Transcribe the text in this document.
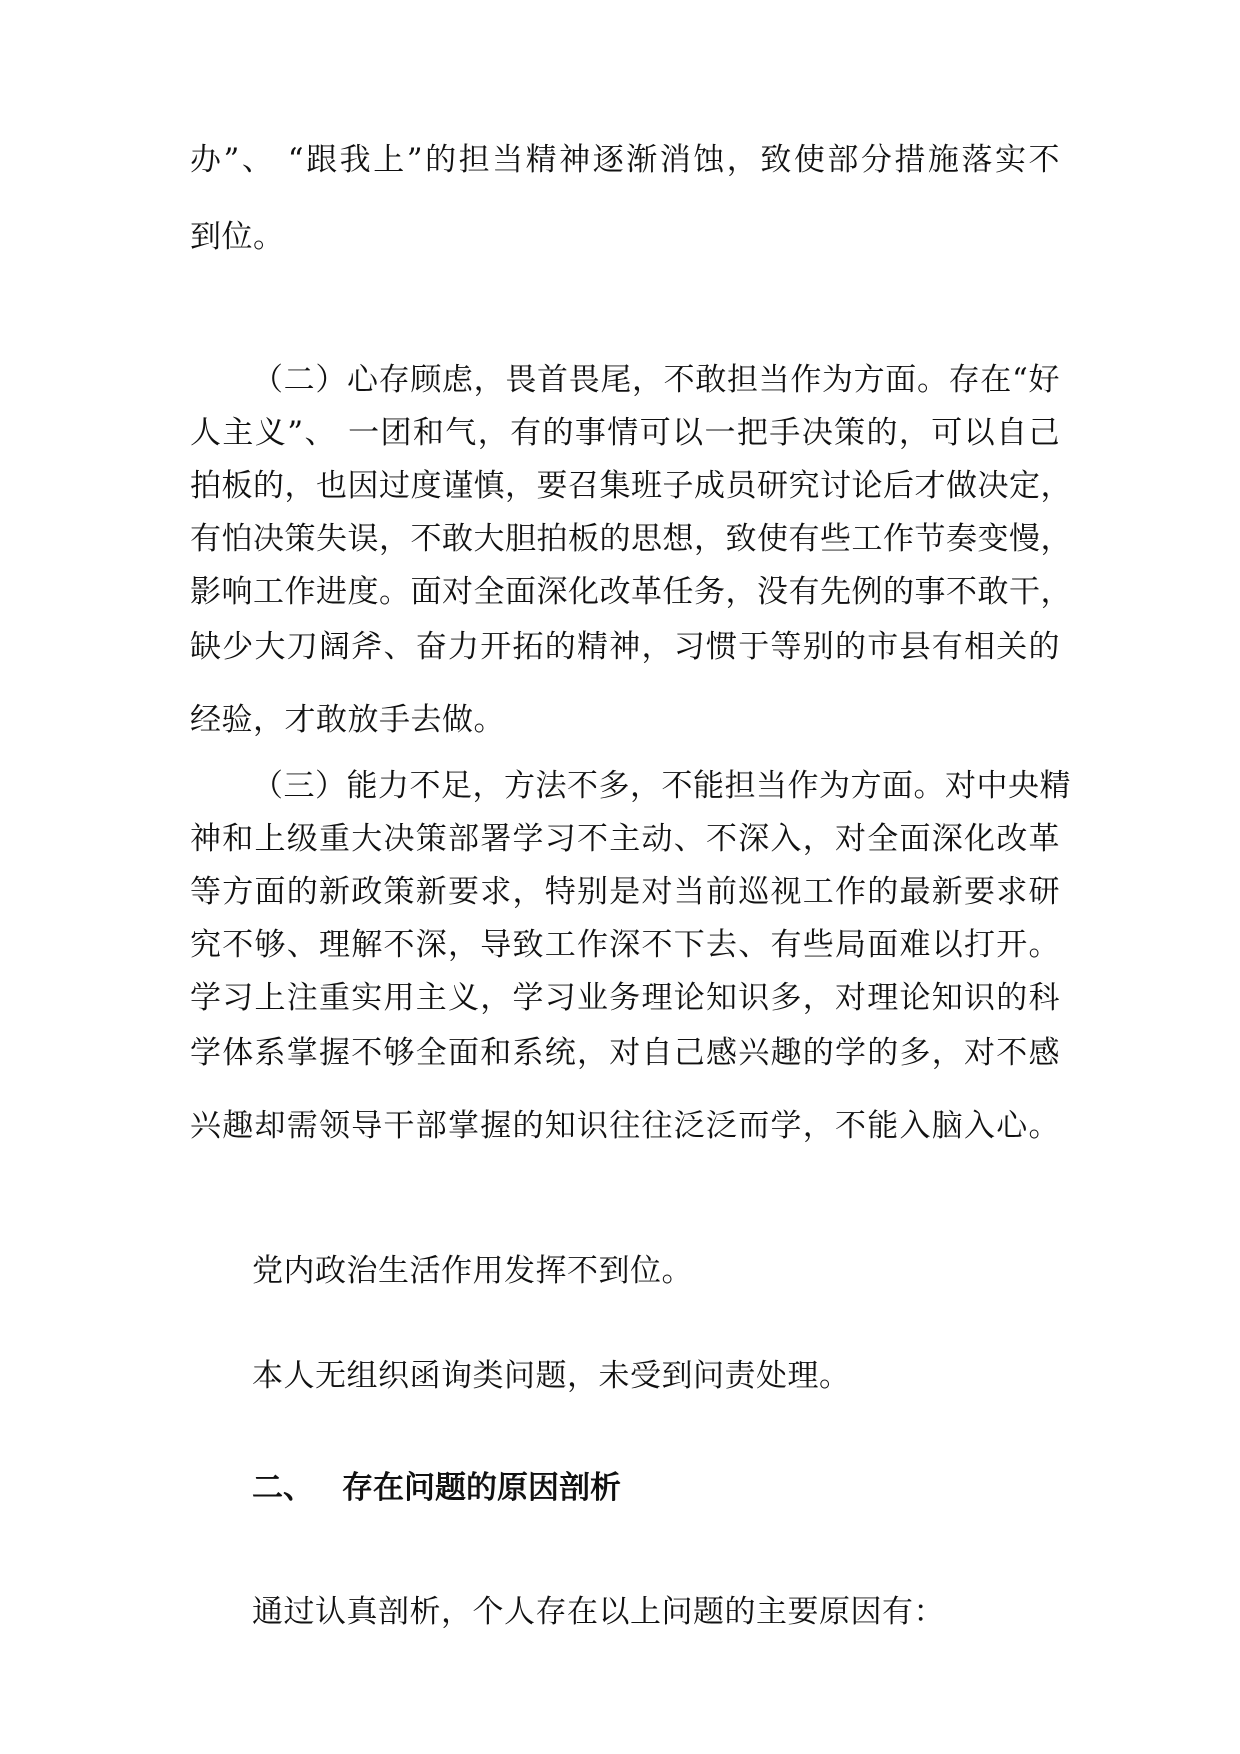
办”、 “跟我上”的担当精神逐渐消蚀，致使部分措施落实不
到位。
（二）心存顾虑，畏首畏尾，不敢担当作为方面。存在“好
人主义”、 一团和气，有的事情可以一把手决策的，可以自己
拍板的，也因过度谨慎，要召集班子成员研究讨论后才做决定，
有怕决策失误，不敢大胆拍板的思想，致使有些工作节奏变慢，
影响工作进度。面对全面深化改革任务，没有先例的事不敢干，
缺少大刀阔斧、奋力开拓的精神，习惯于等别的市县有相关的
经验，才敢放手去做。
（三）能力不足，方法不多，不能担当作为方面。对中央精
神和上级重大决策部署学习不主动、不深入，对全面深化改革
等方面的新政策新要求，特别是对当前巡视工作的最新要求研
究不够、理解不深，导致工作深不下去、有些局面难以打开。
学习上注重实用主义，学习业务理论知识多，对理论知识的科
学体系掌握不够全面和系统，对自己感兴趣的学的多，对不感
兴趣却需领导干部掌握的知识往往泛泛而学，不能入脑入心。
党内政治生活作用发挥不到位。
本人无组织函询类问题，未受到问责处理。
二、 存在问题的原因剖析
通过认真剖析，个人存在以上问题的主要原因有：
